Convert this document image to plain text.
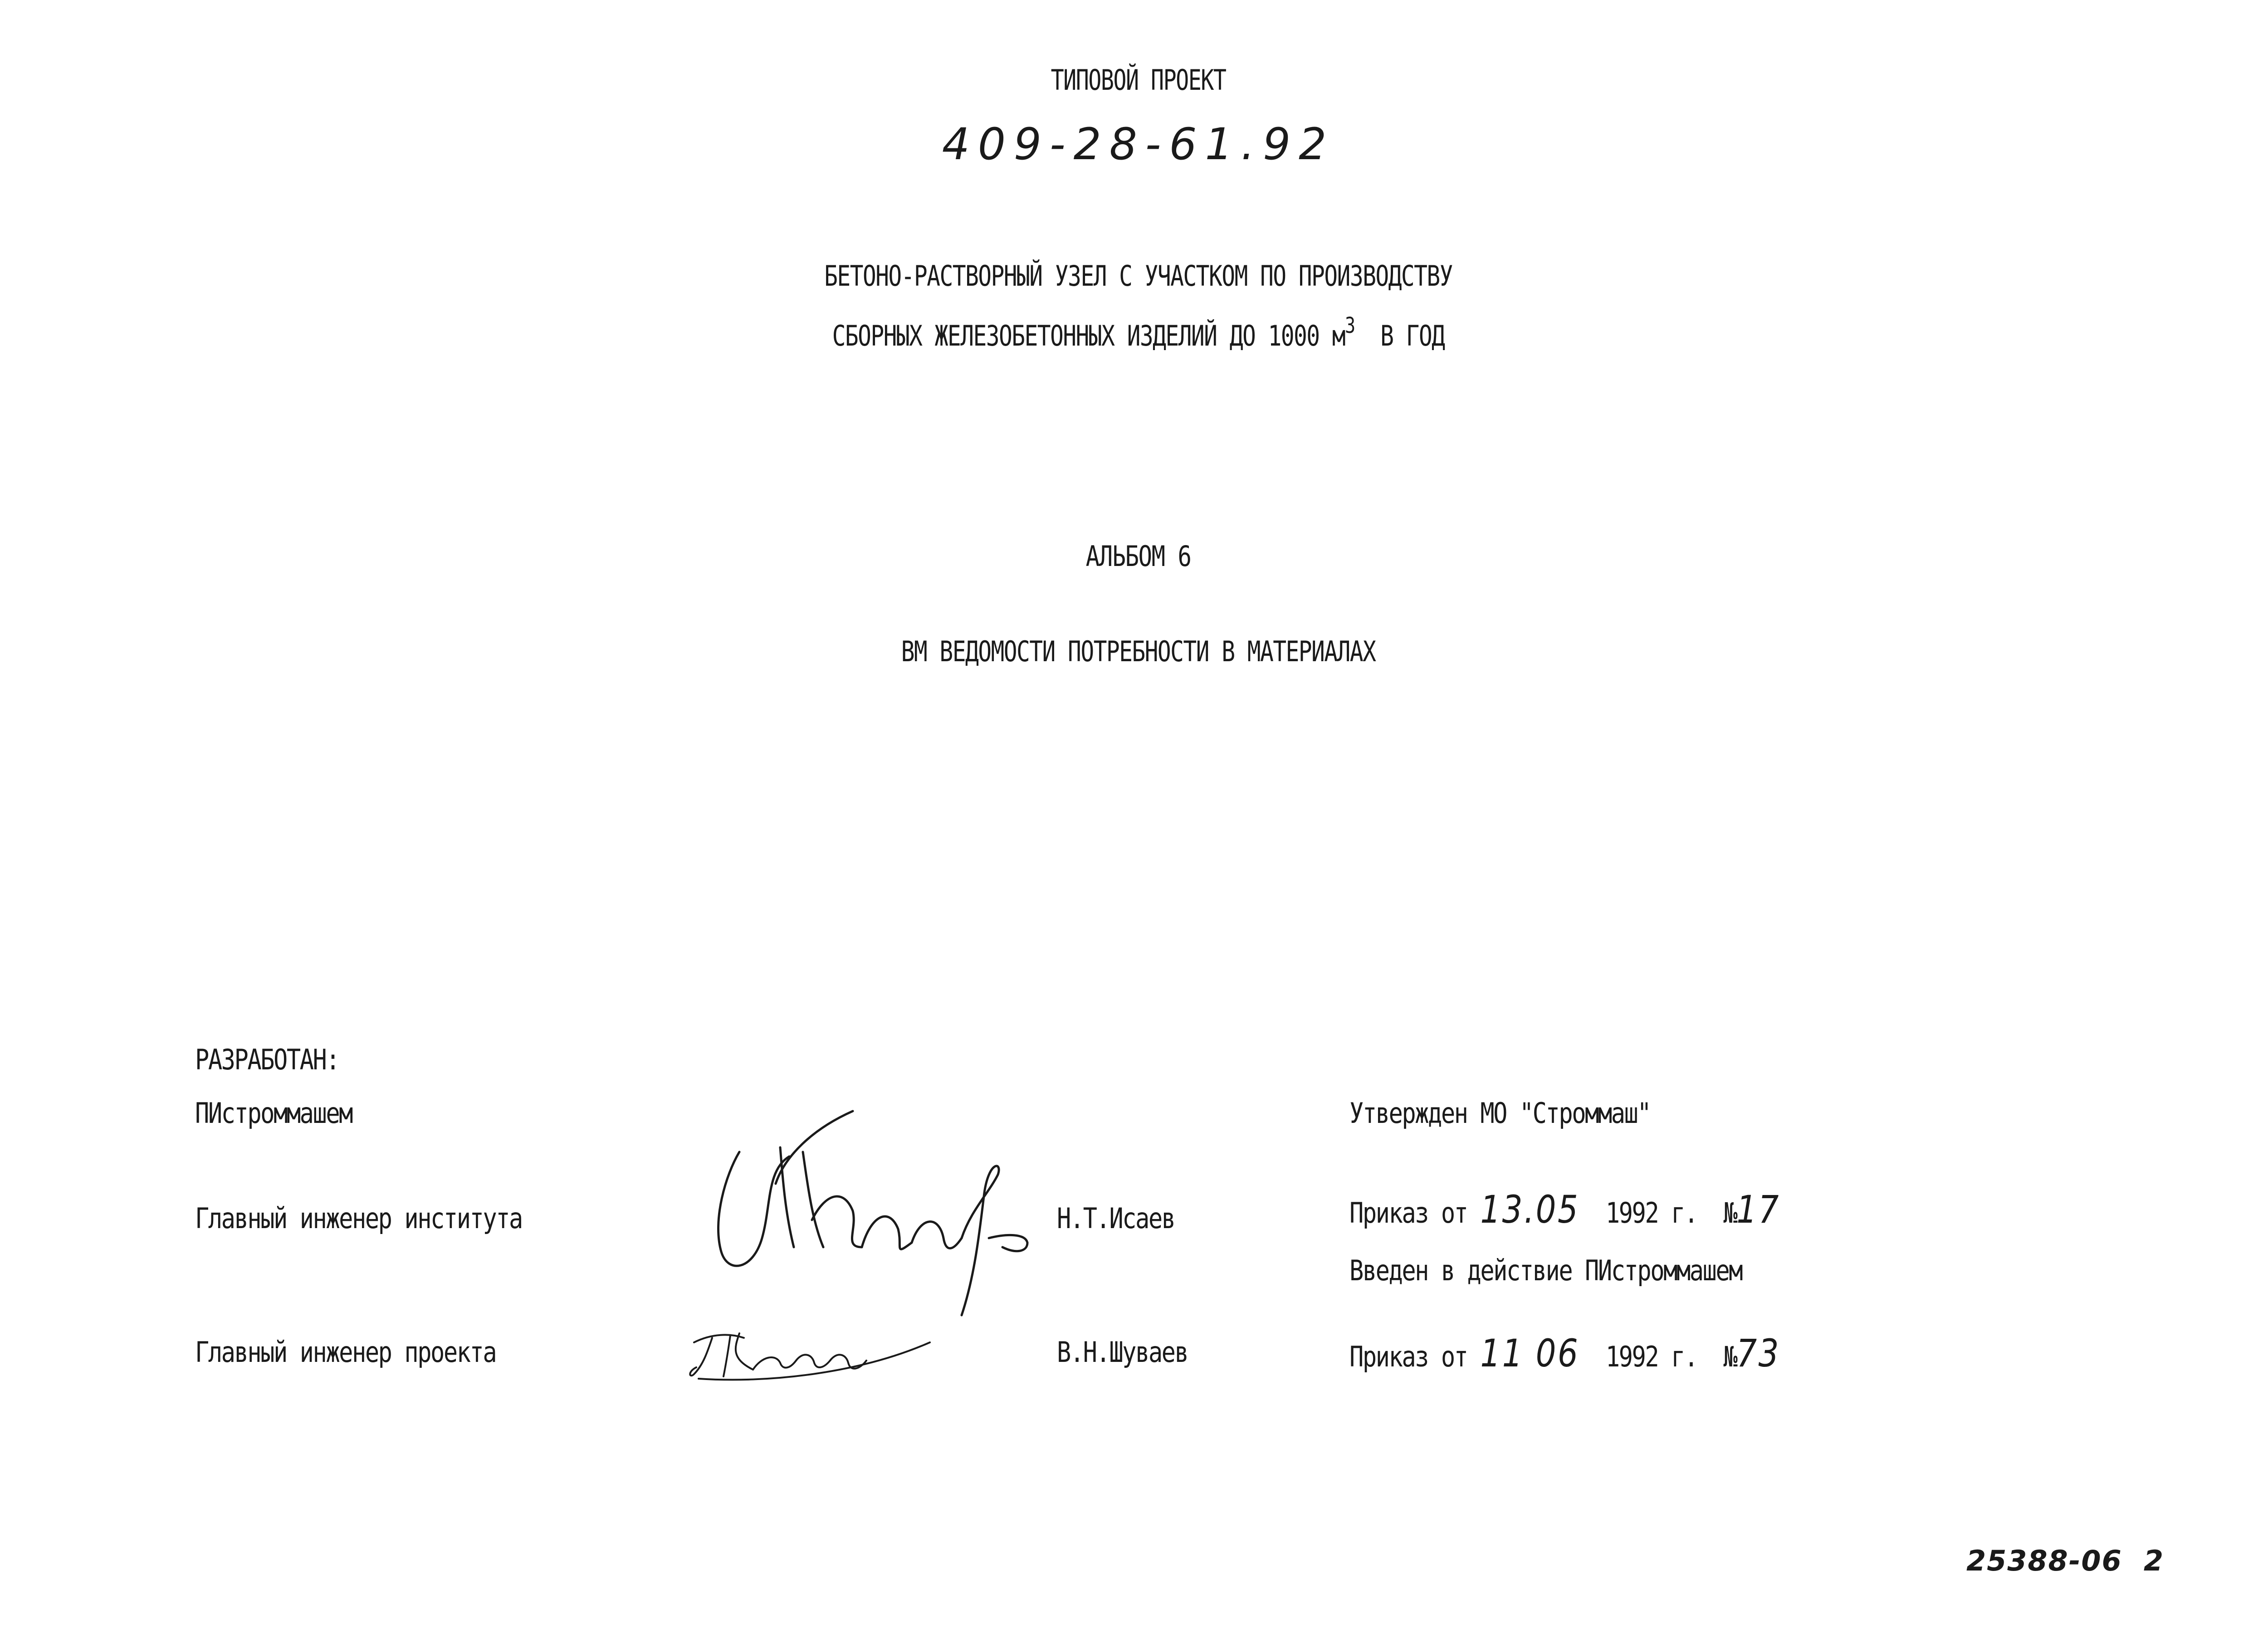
ТИПОВОЙ ПРОЕКТ
409-28-61.92
БЕТОНО-РАСТВОРНЫЙ УЗЕЛ С УЧАСТКОМ ПО ПРОИЗВОДСТВУ
СБОРНЫХ ЖЕЛЕЗОБЕТОННЫХ ИЗДЕЛИЙ ДО 1000 $м^3$ В ГОД
АЛЬБОМ 6
ВМ ВЕДОМОСТИ ПОТРЕБНОСТИ В МАТЕРИАЛАХ
РАЗРАБОТАН:
ПИстроммашем
Главный инженер института
Главный инженер проекта
Н.Т.Исаев
В.Н.Шуваев
Утвержден МО "Строммаш"
Приказ от 13.05 1992 г. №17
Введен в действие ПИстроммашем
Приказ от 11 06 1992 г. №73
25388-06 2
